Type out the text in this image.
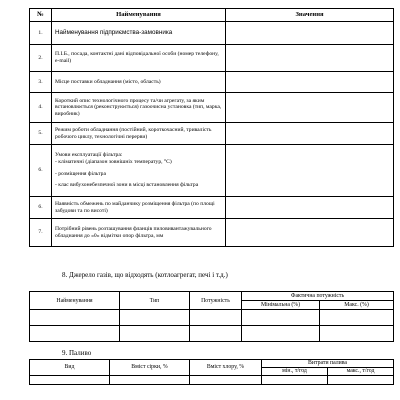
№	Найменування	Значення
1.	Найменування підприємства-замовника	
2.	П.І.Б., посада, контактні дані відповідальної особи (номер телефону, e-mail)	
3.	Місце поставки обладнання (місто, область)	
4.	Короткий опис технологічного процесу та/чи агрегату, за яким встановлюється (реконструюється) газоочисна установка (тип, марка, виробник)	
5.	Режим роботи обладнання (постійний, короткочасний, тривалість робочого циклу, технологічні перерви)	
6.	Умови експлуатації фільтра:
- кліматичні (діапазон зовнішніх температур, °С)
- розміщення фільтра
- клас вибухонебезпечної зони в місці встановлення фільтра	

6.	Наявність обмежень по майданчику розміщення фільтра (по площі забудови та по висоті)	
7.	Потрібний рівень розташування фланців пиловивантажувального обладнання до «0» відмітки опор фільтра, мм	
8. Джерело газів, що відходять (котлоагрегат, печі і т.д.)
Найменування	Тип	Потужність	Фактична потужність	
			Мінімальна (%)	Макс. (%)

9. Паливо
Вид	Вміст сірки, %	Вміст хлору, %	Витрати палива	
			мін., т/год	макс., т/год
